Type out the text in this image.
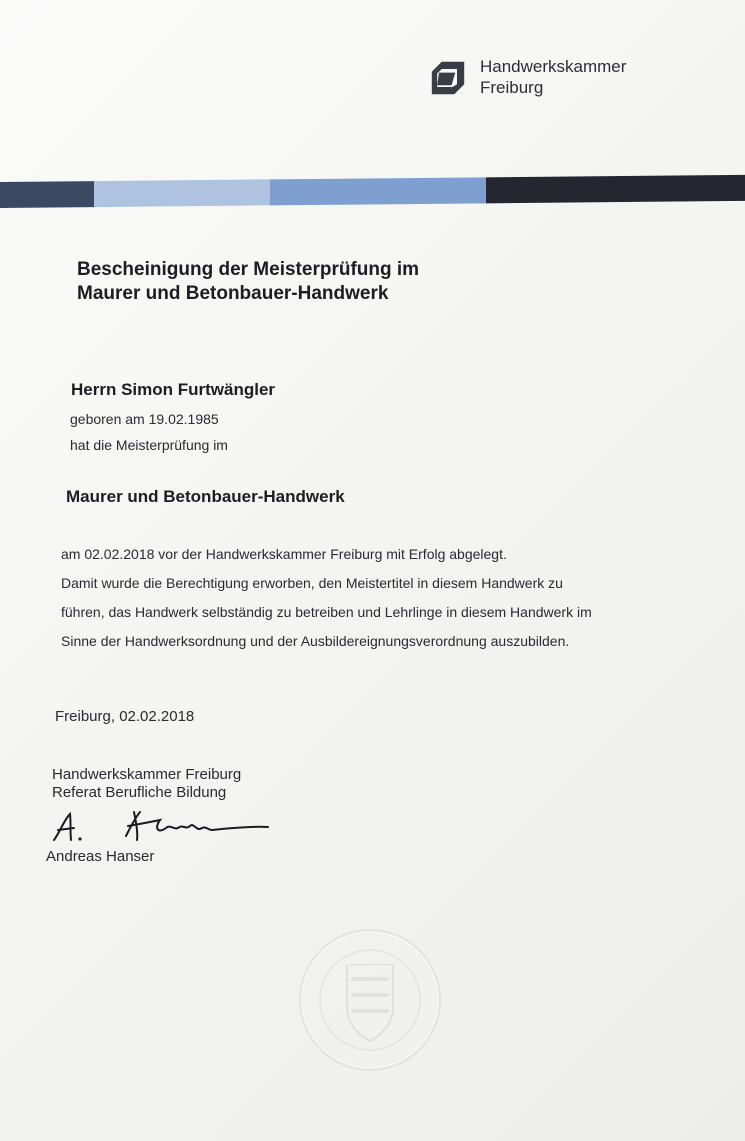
Handwerkskammer
Freiburg
Bescheinigung der Meisterprüfung im
Maurer und Betonbauer-Handwerk
Herrn Simon Furtwängler
geboren am 19.02.1985
hat die Meisterprüfung im
Maurer und Betonbauer-Handwerk
am 02.02.2018 vor der Handwerkskammer Freiburg mit Erfolg abgelegt.
Damit wurde die Berechtigung erworben, den Meistertitel in diesem Handwerk zu
führen, das Handwerk selbständig zu betreiben und Lehrlinge in diesem Handwerk im
Sinne der Handwerksordnung und der Ausbildereignungsverordnung auszubilden.
Freiburg, 02.02.2018
Handwerkskammer Freiburg
Referat Berufliche Bildung
Andreas Hanser
